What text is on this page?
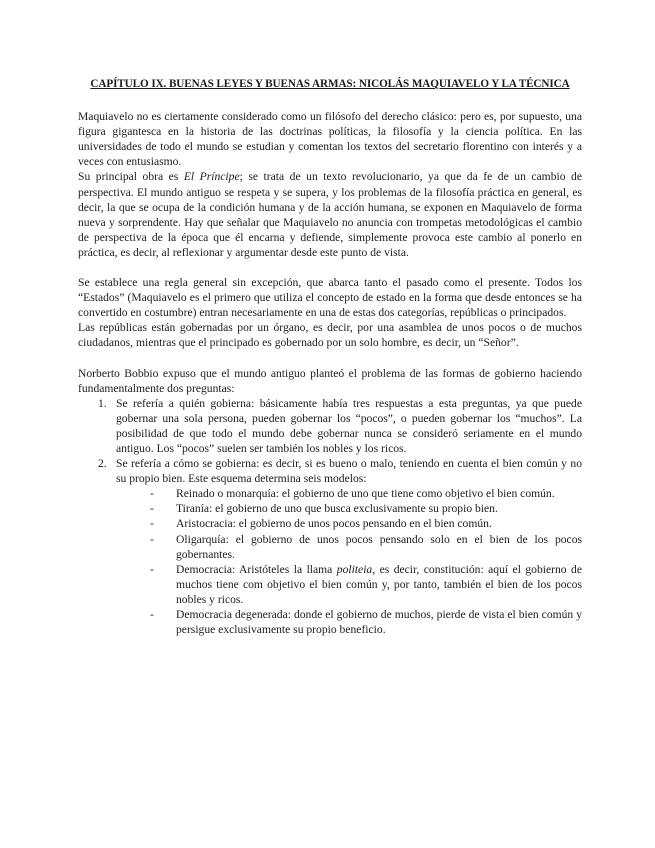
CAPÍTULO IX. BUENAS LEYES Y BUENAS ARMAS: NICOLÁS MAQUIAVELO Y LA TÉCNICA

Maquiavelo no es ciertamente considerado como un filósofo del derecho clásico: pero es, por supuesto, una figura gigantesca en la historia de las doctrinas políticas, la filosofía y la ciencia política. En las universidades de todo el mundo se estudian y comentan los textos del secretario florentino con interés y a veces con entusiasmo.

Su principal obra es El Príncipe; se trata de un texto revolucionario, ya que da fe de un cambio de perspectiva. El mundo antiguo se respeta y se supera, y los problemas de la filosofía práctica en general, es decir, la que se ocupa de la condición humana y de la acción humana, se exponen en Maquiavelo de forma nueva y sorprendente. Hay que señalar que Maquiavelo no anuncia con trompetas metodológicas el cambio de perspectiva de la época que él encarna y defiende, simplemente provoca este cambio al ponerlo en práctica, es decir, al reflexionar y argumentar desde este punto de vista.

Se establece una regla general sin excepción, que abarca tanto el pasado como el presente. Todos los “Estados” (Maquiavelo es el primero que utiliza el concepto de estado en la forma que desde entonces se ha convertido en costumbre) entran necesariamente en una de estas dos categorías, repúblicas o principados.

Las repúblicas están gobernadas por un órgano, es decir, por una asamblea de unos pocos o de muchos ciudadanos, mientras que el principado es gobernado por un solo hombre, es decir, un “Señor”.

Norberto Bobbio expuso que el mundo antiguo planteó el problema de las formas de gobierno haciendo fundamentalmente dos preguntas:

1. Se refería a quién gobierna: básicamente había tres respuestas a esta preguntas, ya que puede gobernar una sola persona, pueden gobernar los “pocos”, o pueden gobernar los “muchos”. La posibilidad de que todo el mundo debe gobernar nunca se consideró seriamente en el mundo antiguo. Los “pocos” suelen ser también los nobles y los ricos.
2. Se refería a cómo se gobierna: es decir, si es bueno o malo, teniendo en cuenta el bien común y no su propio bien. Este esquema determina seis modelos:
- Reinado o monarquía: el gobierno de uno que tiene como objetivo el bien común.
- Tiranía: el gobierno de uno que busca exclusivamente su propio bien.
- Aristocracia: el gobierno de unos pocos pensando en el bien común.
- Oligarquía: el gobierno de unos pocos pensando solo en el bien de los pocos gobernantes.
- Democracia: Aristóteles la llama politeia, es decir, constitución: aquí el gobierno de muchos tiene com objetivo el bien común y, por tanto, también el bien de los pocos nobles y ricos.
- Democracia degenerada: donde el gobierno de muchos, pierde de vista el bien común y persigue exclusivamente su propio beneficio.
